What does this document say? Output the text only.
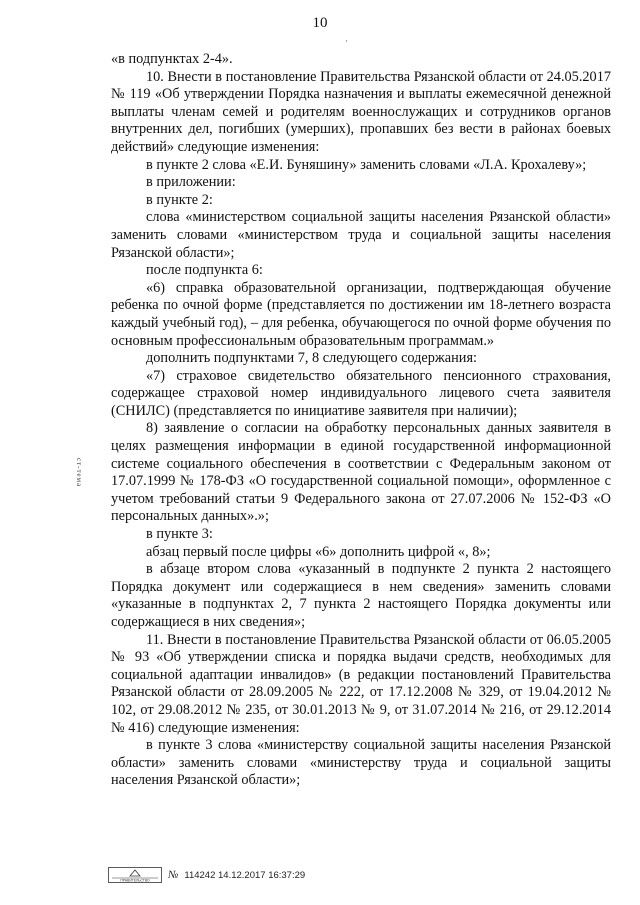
10
·
ст-тема

«в подпунктах 2-4».

10. Внести в постановление Правительства Рязанской области от 24.05.2017 № 119 «Об утверждении Порядка назначения и выплаты ежемесячной денежной выплаты членам семей и родителям военнослужащих и сотрудников органов внутренних дел, погибших (умерших), пропавших без вести в районах боевых действий» следующие изменения:

в пункте 2 слова «Е.И. Буняшину» заменить словами «Л.А. Крохалеву»;

в приложении:

в пункте 2:

слова «министерством социальной защиты населения Рязанской области» заменить словами «министерством труда и социальной защиты населения Рязанской области»;

после подпункта 6:

«6) справка образовательной организации, подтверждающая обучение ребенка по очной форме (представляется по достижении им 18-летнего возраста каждый учебный год), – для ребенка, обучающегося по очной форме обучения по основным профессиональным образовательным программам.»

дополнить подпунктами 7, 8 следующего содержания:

«7) страховое свидетельство обязательного пенсионного страхования, содержащее страховой номер индивидуального лицевого счета заявителя (СНИЛС) (представляется по инициативе заявителя при наличии);

8) заявление о согласии на обработку персональных данных заявителя в целях размещения информации в единой государственной информационной системе социального обеспечения в соответствии с Федеральным законом от 17.07.1999 № 178-ФЗ «О государственной социальной помощи», оформленное с учетом требований статьи 9 Федерального закона от 27.07.2006 № 152-ФЗ «О персональных данных».»;

в пункте 3:

абзац первый после цифры «6» дополнить цифрой «, 8»;

в абзаце втором слова «указанный в подпункте 2 пункта 2 настоящего Порядка документ или содержащиеся в нем сведения» заменить словами «указанные в подпунктах 2, 7 пункта 2 настоящего Порядка документы или содержащиеся в них сведения»;

11. Внести в постановление Правительства Рязанской области от 06.05.2005 № 93 «Об утверждении списка и порядка выдачи средств, необходимых для социальной адаптации инвалидов» (в редакции постановлений Правительства Рязанской области от 28.09.2005 № 222, от 17.12.2008 № 329, от 19.04.2012 № 102, от 29.08.2012 № 235, от 30.01.2013 № 9, от 31.07.2014 № 216, от 29.12.2014 № 416) следующие изменения:

в пункте 3 слова «министерству социальной защиты населения Рязанской области» заменить словами «министерству труда и социальной защиты населения Рязанской области»;

ПРАВИТЕЛЬСТВО № 114242 14.12.2017 16:37:29
